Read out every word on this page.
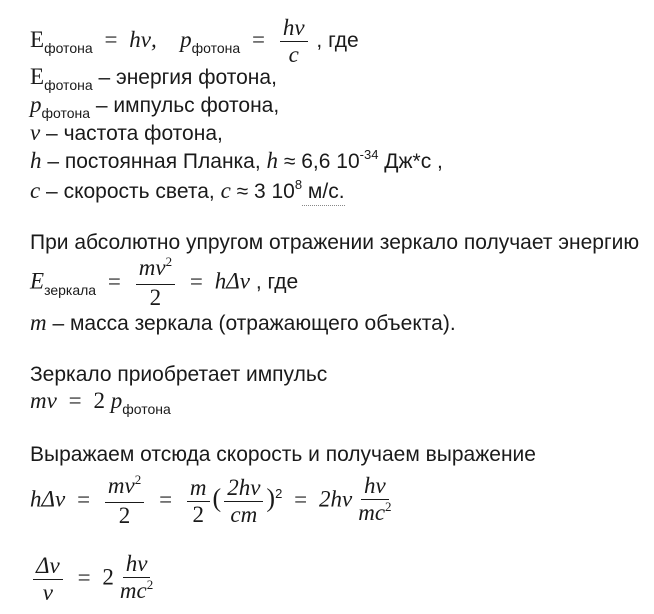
$E_{фотона} = h\nu$, $p_{фотона} = \frac{h\nu}{c}$ , где
$E_{фотона}$ – энергия фотона,
$p_{фотона}$ – импульс фотона,
ν – частота фотона,
h – постоянная Планка, h ≈ 6,6 $10^{-34}$ Дж*с ,
c – скорость света, c ≈ 3 $10^8$ м/с.
При абсолютно упругом отражении зеркало получает энергию
$E_{зеркала} = \frac{mv^2}{2} = h\Delta\nu$ , где
m – масса зеркала (отражающего объекта).
Зеркало приобретает импульс
mv = 2 $p_{фотона}$
Выражаем отсюда скорость и получаем выражение
$h\Delta\nu = \frac{mv^2}{2} = \frac{m}{2}$ ( $\frac{2h\nu}{cm} )^2 = 2h\nu \frac{h\nu}{mc^2}$
$\frac{\Delta\nu}{\nu} = 2 \frac{h\nu}{mc^2}$
